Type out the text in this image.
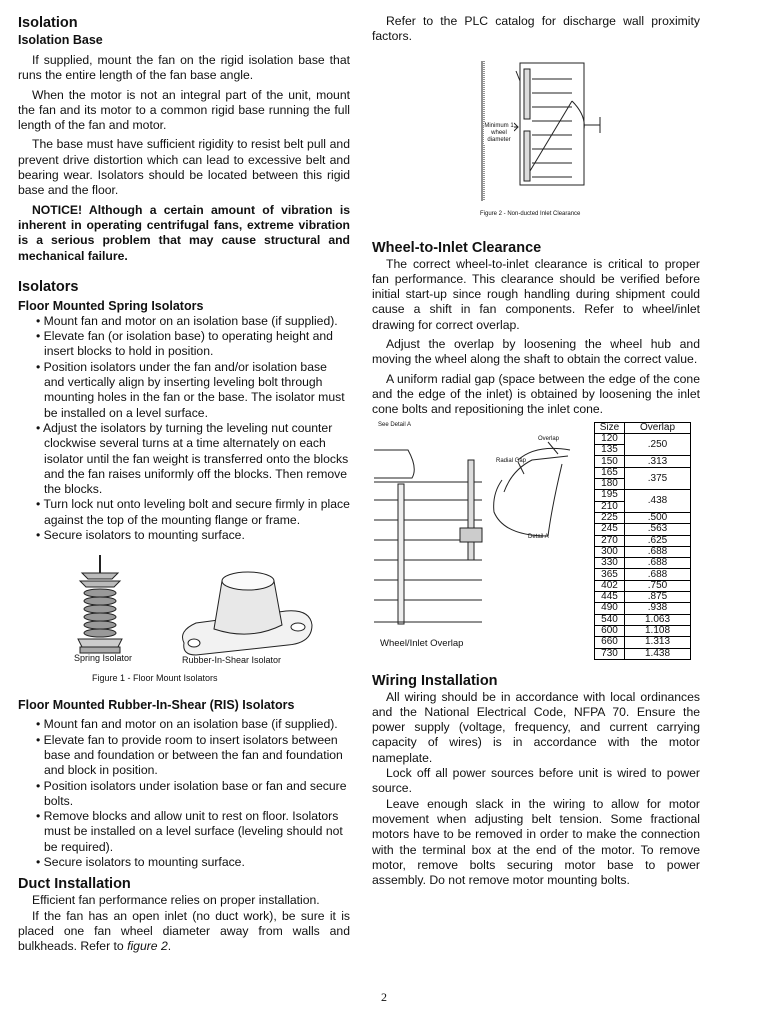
Isolation
Isolation Base

If supplied, mount the fan on the rigid isolation base that runs the entire length of the fan base angle.

When the motor is not an integral part of the unit, mount the fan and its motor to a common rigid base running the full length of the fan and motor.

The base must have sufficient rigidity to resist belt pull and prevent drive distortion which can lead to excessive belt and bearing wear. Isolators should be located between this rigid base and the floor.

NOTICE! Although a certain amount of vibration is inherent in operating centrifugal fans, extreme vibration is a serious problem that may cause structural and mechanical failure.

Isolators
Floor Mounted Spring Isolators
• Mount fan and motor on an isolation base (if supplied).
• Elevate fan (or isolation base) to operating height and insert blocks to hold in position.
• Position isolators under the fan and/or isolation base and vertically align by inserting leveling bolt through mounting holes in the fan or the base. The isolator must be installed on a level surface.
• Adjust the isolators by turning the leveling nut counter clockwise several turns at a time alternately on each isolator until the fan weight is transferred onto the blocks and the fan raises uniformly off the blocks. Then remove the blocks.
• Turn lock nut onto leveling bolt and secure firmly in place against the top of the mounting flange or frame.
• Secure isolators to mounting surface.
Spring Isolator	Rubber-In-Shear Isolator
Figure 1 - Floor Mount Isolators
Floor Mounted Rubber-In-Shear (RIS) Isolators
• Mount fan and motor on an isolation base (if supplied).
• Elevate fan to provide room to insert isolators between base and foundation or between the fan and foundation and block in position.
• Position isolators under isolation base or fan and secure bolts.
• Remove blocks and allow unit to rest on floor. Isolators must be installed on a level surface (leveling should not be required).
• Secure isolators to mounting surface.
Duct Installation

Efficient fan performance relies on proper installation.

If the fan has an open inlet (no duct work), be sure it is placed one fan wheel diameter away from walls and bulkheads. Refer to figure 2.

Refer to the PLC catalog for discharge wall proximity factors.

Minimum 1 wheel diameter
Figure 2 - Non-ducted Inlet Clearance
Wheel-to-Inlet Clearance

The correct wheel-to-inlet clearance is critical to proper fan performance. This clearance should be verified before initial start-up since rough handling during shipment could cause a shift in fan components. Refer to wheel/inlet drawing for correct overlap.

Adjust the overlap by loosening the wheel hub and moving the wheel along the shaft to obtain the correct value.

A uniform radial gap (space between the edge of the cone and the edge of the inlet) is obtained by loosening the inlet cone bolts and repositioning the inlet cone.

See Detail A
Overlap
Radial Gap
Detail A
Wheel/Inlet Overlap
Size	Overlap
120	.250
135	
150	.313
165	.375
180	
195	.438
210	
225	.500
245	.563
270	.625
300	.688
330	.688
365	.688
402	.750
445	.875
490	.938
540	1.063
600	1.108
660	1.313
730	1.438
Wiring Installation

All wiring should be in accordance with local ordinances and the National Electrical Code, NFPA 70. Ensure the power supply (voltage, frequency, and current carrying capacity of wires) is in accordance with the motor nameplate.

Lock off all power sources before unit is wired to power source.

Leave enough slack in the wiring to allow for motor movement when adjusting belt tension. Some fractional motors have to be removed in order to make the connection with the terminal box at the end of the motor. To remove motor, remove bolts securing motor base to power assembly. Do not remove motor mounting bolts.

2
